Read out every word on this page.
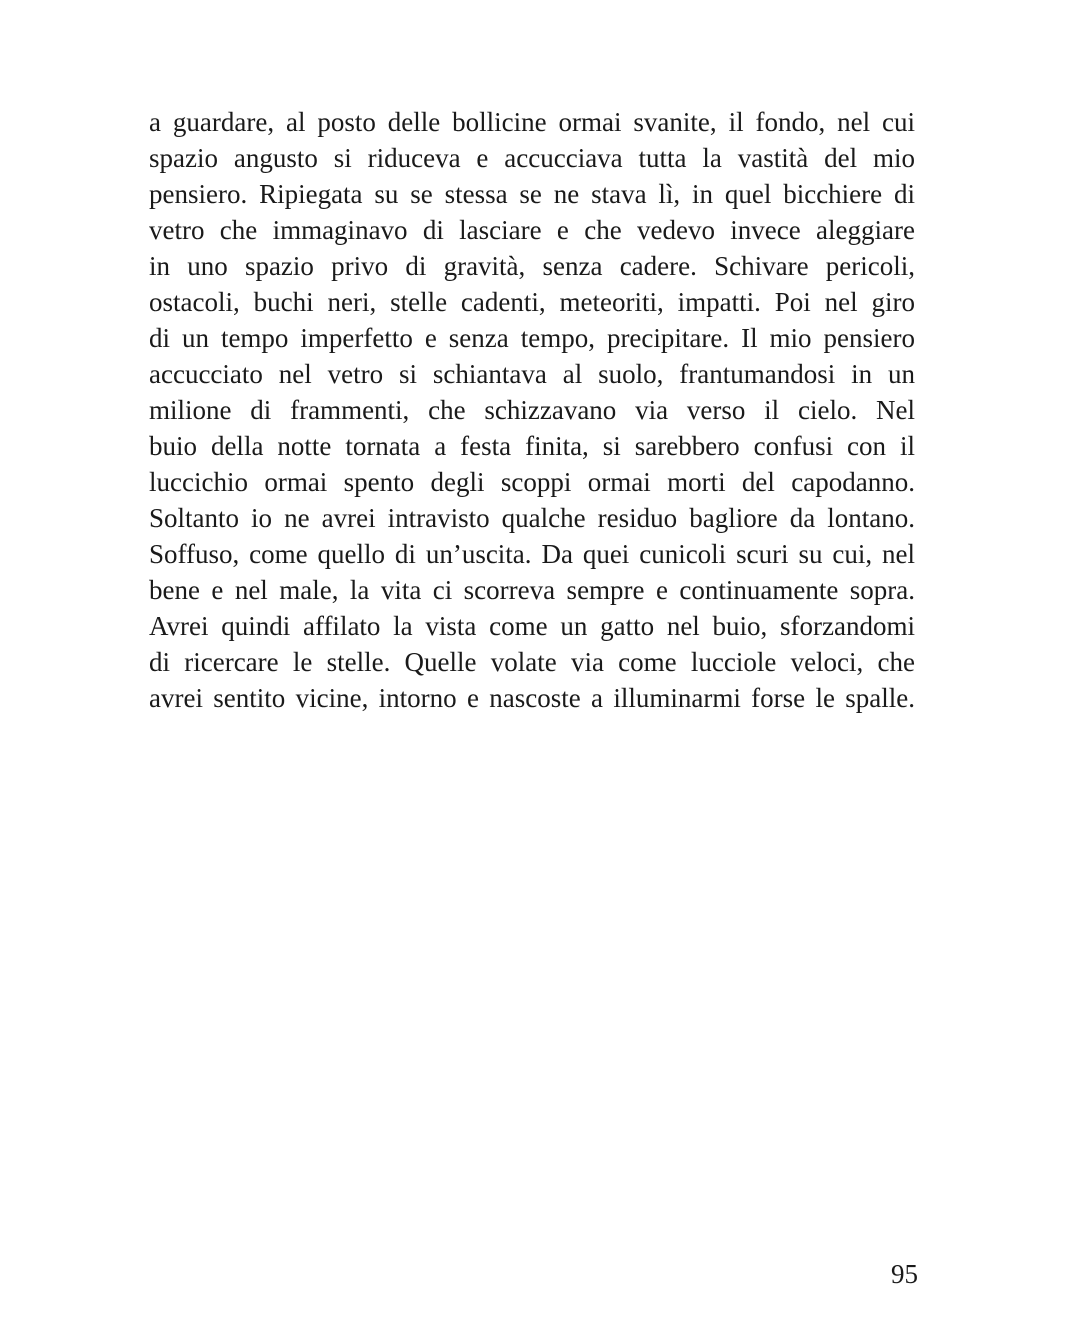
a guardare, al posto delle bollicine ormai svanite, il fondo, nel cui
spazio angusto si riduceva e accucciava tutta la vastità del mio
pensiero. Ripiegata su se stessa se ne stava lì, in quel bicchiere di
vetro che immaginavo di lasciare e che vedevo invece aleggiare
in uno spazio privo di gravità, senza cadere. Schivare pericoli,
ostacoli, buchi neri, stelle cadenti, meteoriti, impatti. Poi nel giro
di un tempo imperfetto e senza tempo, precipitare. Il mio pensiero
accucciato nel vetro si schiantava al suolo, frantumandosi in un
milione di frammenti, che schizzavano via verso il cielo. Nel
buio della notte tornata a festa finita, si sarebbero confusi con il
luccichio ormai spento degli scoppi ormai morti del capodanno.
Soltanto io ne avrei intravisto qualche residuo bagliore da lontano.
Soffuso, come quello di un’uscita. Da quei cunicoli scuri su cui, nel
bene e nel male, la vita ci scorreva sempre e continuamente sopra.
Avrei quindi affilato la vista come un gatto nel buio, sforzandomi
di ricercare le stelle. Quelle volate via come lucciole veloci, che
avrei sentito vicine, intorno e nascoste a illuminarmi forse le spalle.

95
